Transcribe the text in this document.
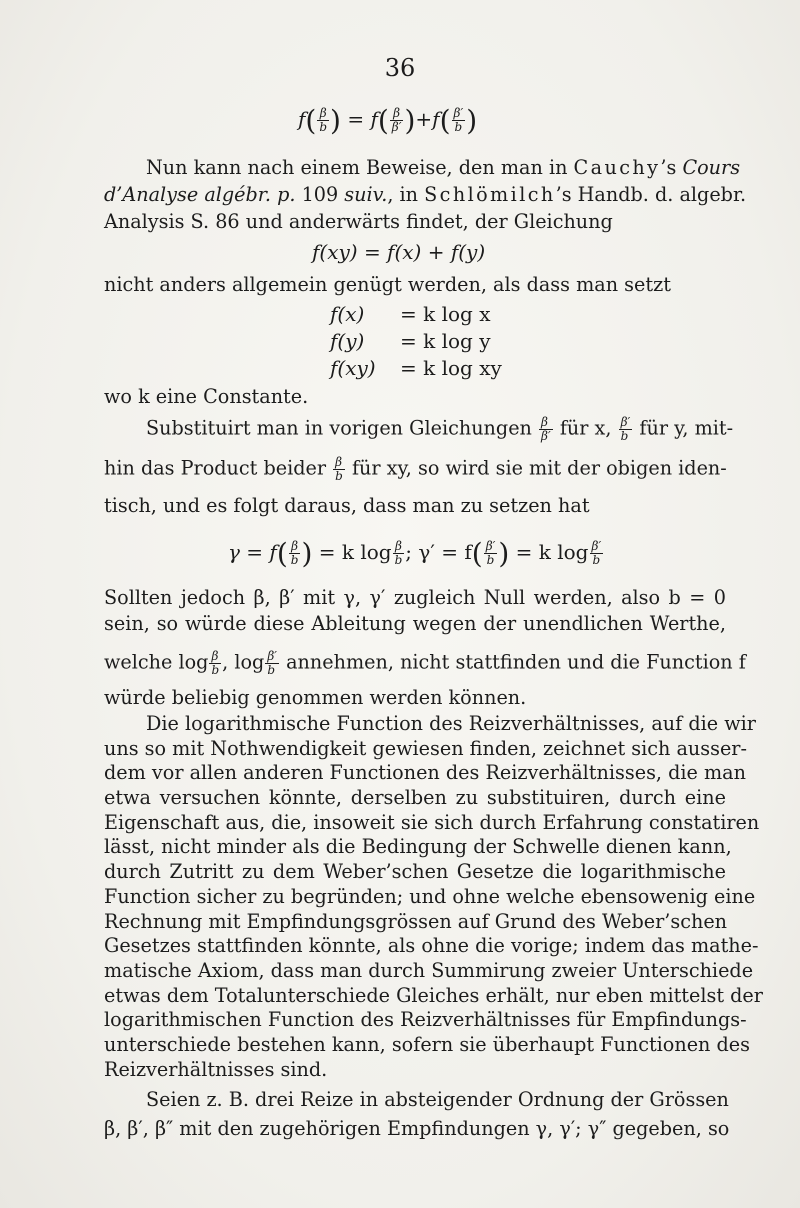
36
$f( \frac{\beta}{b}$ ) = $f( \frac{\beta}{\beta'} )+f( \frac{\beta'}{b}$ )
Nun kann nach einem Beweise, den man in Cauchy’s Cours
d’Analyse algébr. p. 109 suiv., in Schlömilch’s Handb. d. algebr.
Analysis S. 86 und anderwärts findet, der Gleichung
f(xy) = f(x) + f(y)
nicht anders allgemein genügt werden, als dass man setzt
f(x) = k log x
f(y) = k log y
f(xy) = k log xy
wo k eine Constante.
Substituirt man in vorigen Gleichungen $\frac{\beta}{\beta'}$ für x, $\frac{\beta'}{b}$ für y, mit-
hin das Product beider $\frac{\beta}{b}$ für xy, so wird sie mit der obigen iden-
tisch, und es folgt daraus, dass man zu setzen hat
$\gamma = f( \frac{\beta}{b}$ ) = k $\log \frac{\beta}{b}$ ; $\gamma' = f( \frac{\beta'}{b}$ ) = k $\log \frac{\beta'}{b}$
Sollten jedoch β, β′ mit γ, γ′ zugleich Null werden, also b = 0
sein, so würde diese Ableitung wegen der unendlichen Werthe,
welche $\log \frac{\beta}{b}$ , $\log \frac{\beta'}{b}$ annehmen, nicht stattfinden und die Function f
würde beliebig genommen werden können.
Die logarithmische Function des Reizverhältnisses, auf die wir
uns so mit Nothwendigkeit gewiesen finden, zeichnet sich ausser-
dem vor allen anderen Functionen des Reizverhältnisses, die man
etwa versuchen könnte, derselben zu substituiren, durch eine
Eigenschaft aus, die, insoweit sie sich durch Erfahrung constatiren
lässt, nicht minder als die Bedingung der Schwelle dienen kann,
durch Zutritt zu dem Weber’schen Gesetze die logarithmische
Function sicher zu begründen; und ohne welche ebensowenig eine
Rechnung mit Empfindungsgrössen auf Grund des Weber’schen
Gesetzes stattfinden könnte, als ohne die vorige; indem das mathe-
matische Axiom, dass man durch Summirung zweier Unterschiede
etwas dem Totalunterschiede Gleiches erhält, nur eben mittelst der
logarithmischen Function des Reizverhältnisses für Empfindungs-
unterschiede bestehen kann, sofern sie überhaupt Functionen des
Reizverhältnisses sind.
Seien z. B. drei Reize in absteigender Ordnung der Grössen
β, β′, β″ mit den zugehörigen Empfindungen γ, γ′; γ″ gegeben, so
